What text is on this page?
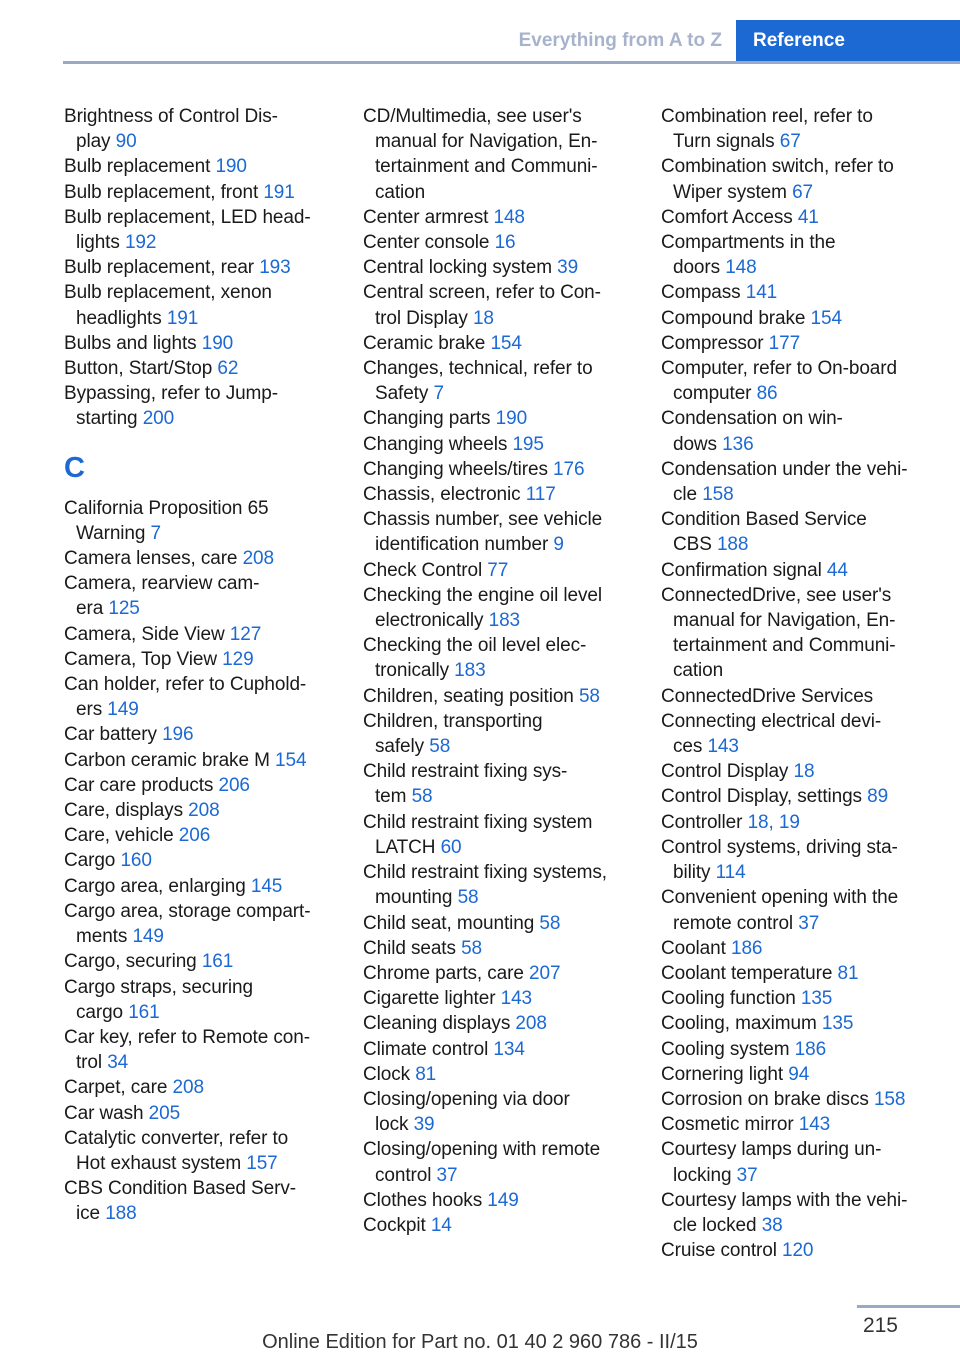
Everything from A to Z	Reference
Brightness of Control Dis-
play 90
Bulb replacement 190
Bulb replacement, front 191
Bulb replacement, LED head-
lights 192
Bulb replacement, rear 193
Bulb replacement, xenon
headlights 191
Bulbs and lights 190
Button, Start/Stop 62
Bypassing, refer to Jump-
starting 200
C
California Proposition 65
Warning 7
Camera lenses, care 208
Camera, rearview cam-
era 125
Camera, Side View 127
Camera, Top View 129
Can holder, refer to Cuphold-
ers 149
Car battery 196
Carbon ceramic brake M 154
Car care products 206
Care, displays 208
Care, vehicle 206
Cargo 160
Cargo area, enlarging 145
Cargo area, storage compart-
ments 149
Cargo, securing 161
Cargo straps, securing
cargo 161
Car key, refer to Remote con-
trol 34
Carpet, care 208
Car wash 205
Catalytic converter, refer to
Hot exhaust system 157
CBS Condition Based Serv-
ice 188
CD/Multimedia, see user's
manual for Navigation, En-
tertainment and Communi-
cation
Center armrest 148
Center console 16
Central locking system 39
Central screen, refer to Con-
trol Display 18
Ceramic brake 154
Changes, technical, refer to
Safety 7
Changing parts 190
Changing wheels 195
Changing wheels/tires 176
Chassis, electronic 117
Chassis number, see vehicle
identification number 9
Check Control 77
Checking the engine oil level
electronically 183
Checking the oil level elec-
tronically 183
Children, seating position 58
Children, transporting
safely 58
Child restraint fixing sys-
tem 58
Child restraint fixing system
LATCH 60
Child restraint fixing systems,
mounting 58
Child seat, mounting 58
Child seats 58
Chrome parts, care 207
Cigarette lighter 143
Cleaning displays 208
Climate control 134
Clock 81
Closing/opening via door
lock 39
Closing/opening with remote
control 37
Clothes hooks 149
Cockpit 14
Combination reel, refer to
Turn signals 67
Combination switch, refer to
Wiper system 67
Comfort Access 41
Compartments in the
doors 148
Compass 141
Compound brake 154
Compressor 177
Computer, refer to On-board
computer 86
Condensation on win-
dows 136
Condensation under the vehi-
cle 158
Condition Based Service
CBS 188
Confirmation signal 44
ConnectedDrive, see user's
manual for Navigation, En-
tertainment and Communi-
cation
ConnectedDrive Services
Connecting electrical devi-
ces 143
Control Display 18
Control Display, settings 89
Controller 18, 19
Control systems, driving sta-
bility 114
Convenient opening with the
remote control 37
Coolant 186
Coolant temperature 81
Cooling function 135
Cooling, maximum 135
Cooling system 186
Cornering light 94
Corrosion on brake discs 158
Cosmetic mirror 143
Courtesy lamps during un-
locking 37
Courtesy lamps with the vehi-
cle locked 38
Cruise control 120
215
Online Edition for Part no. 01 40 2 960 786 - II/15
